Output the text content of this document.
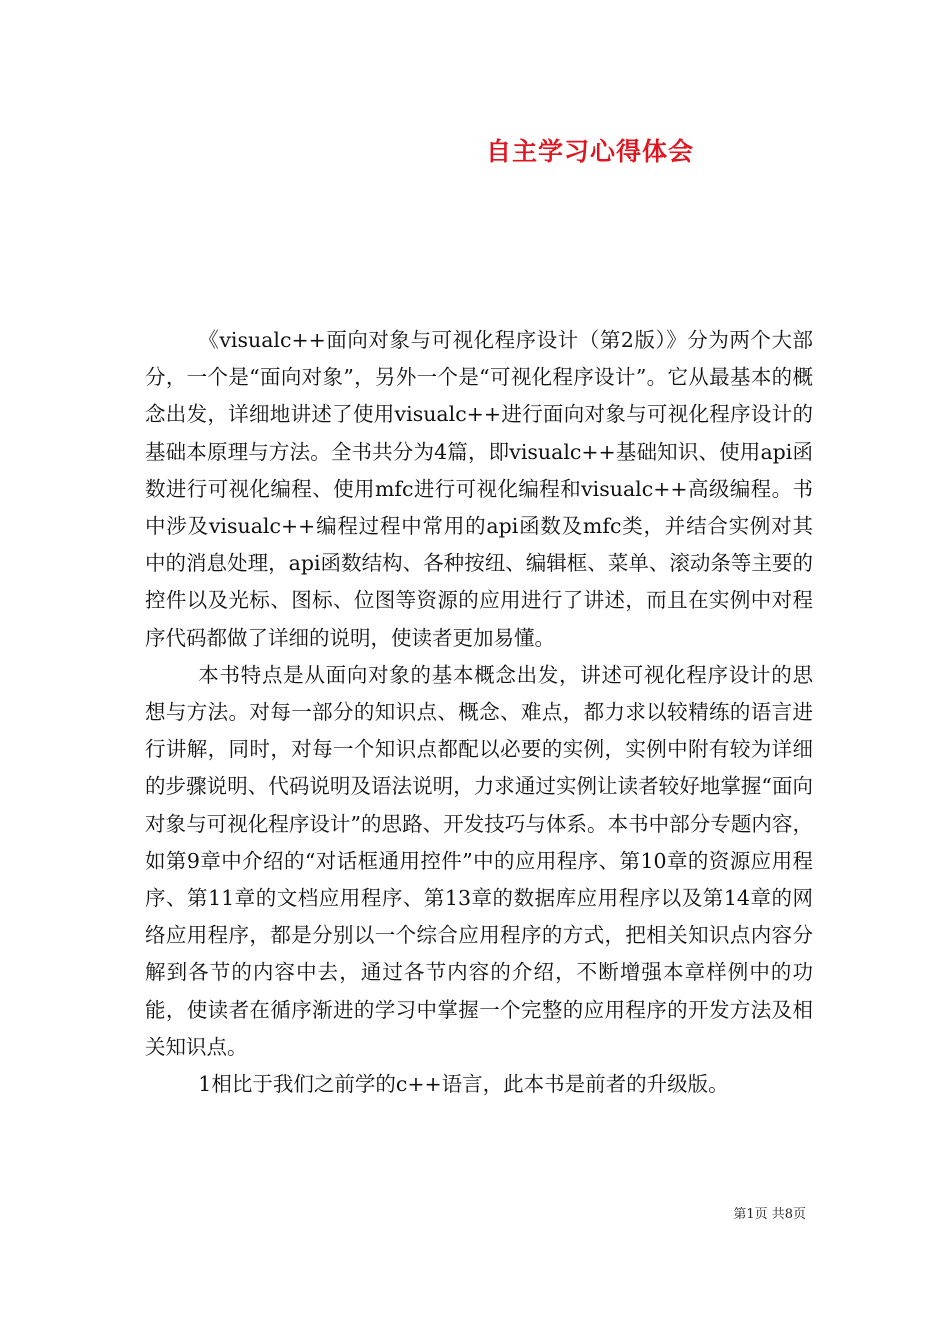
自主学习心得体会

《visualc++面向对象与可视化程序设计（第2版）》分为两个大部分，一个是“面向对象”，另外一个是“可视化程序设计”。它从最基本的概念出发，详细地讲述了使用visualc++进行面向对象与可视化程序设计的基础本原理与方法。全书共分为4篇，即visualc++基础知识、使用api函数进行可视化编程、使用mfc进行可视化编程和visualc++高级编程。书中涉及visualc++编程过程中常用的api函数及mfc类，并结合实例对其中的消息处理，api函数结构、各种按纽、编辑框、菜单、滚动条等主要的控件以及光标、图标、位图等资源的应用进行了讲述，而且在实例中对程序代码都做了详细的说明，使读者更加易懂。

本书特点是从面向对象的基本概念出发，讲述可视化程序设计的思想与方法。对每一部分的知识点、概念、难点，都力求以较精练的语言进行讲解，同时，对每一个知识点都配以必要的实例，实例中附有较为详细的步骤说明、代码说明及语法说明，力求通过实例让读者较好地掌握“面向对象与可视化程序设计”的思路、开发技巧与体系。本书中部分专题内容，如第9章中介绍的“对话框通用控件”中的应用程序、第10章的资源应用程序、第11章的文档应用程序、第13章的数据库应用程序以及第14章的网络应用程序，都是分别以一个综合应用程序的方式，把相关知识点内容分解到各节的内容中去，通过各节内容的介绍，不断增强本章样例中的功能，使读者在循序渐进的学习中掌握一个完整的应用程序的开发方法及相关知识点。

1相比于我们之前学的c++语言，此本书是前者的升级版。

第1页 共8页
